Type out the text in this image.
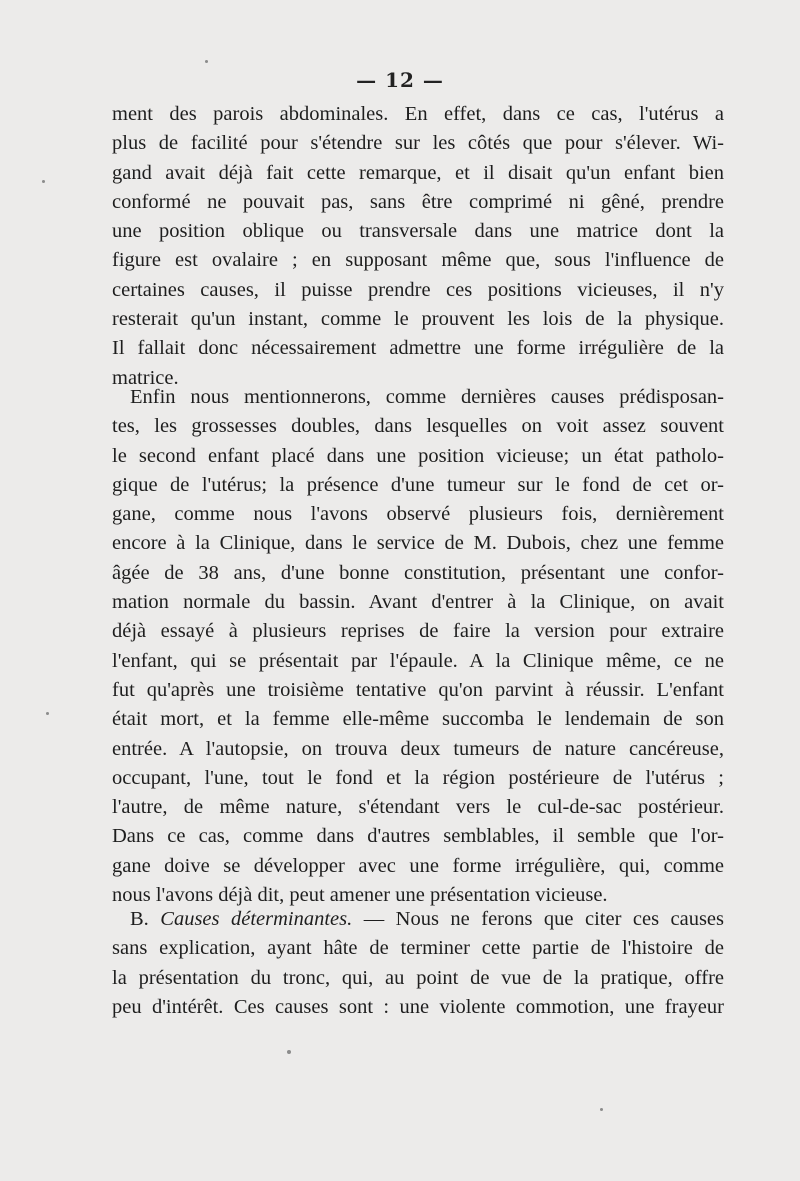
— 12 —
ment des parois abdominales. En effet, dans ce cas, l'utérus a
plus de facilité pour s'étendre sur les côtés que pour s'élever. Wi-
gand avait déjà fait cette remarque, et il disait qu'un enfant bien
conformé ne pouvait pas, sans être comprimé ni gêné, prendre
une position oblique ou transversale dans une matrice dont la
figure est ovalaire ; en supposant même que, sous l'influence de
certaines causes, il puisse prendre ces positions vicieuses, il n'y
resterait qu'un instant, comme le prouvent les lois de la physique.
Il fallait donc nécessairement admettre une forme irrégulière de la
matrice.
Enfin nous mentionnerons, comme dernières causes prédisposan-
tes, les grossesses doubles, dans lesquelles on voit assez souvent
le second enfant placé dans une position vicieuse; un état patholo-
gique de l'utérus; la présence d'une tumeur sur le fond de cet or-
gane, comme nous l'avons observé plusieurs fois, dernièrement
encore à la Clinique, dans le service de M. Dubois, chez une femme
âgée de 38 ans, d'une bonne constitution, présentant une confor-
mation normale du bassin. Avant d'entrer à la Clinique, on avait
déjà essayé à plusieurs reprises de faire la version pour extraire
l'enfant, qui se présentait par l'épaule. A la Clinique même, ce ne
fut qu'après une troisième tentative qu'on parvint à réussir. L'enfant
était mort, et la femme elle-même succomba le lendemain de son
entrée. A l'autopsie, on trouva deux tumeurs de nature cancéreuse,
occupant, l'une, tout le fond et la région postérieure de l'utérus ;
l'autre, de même nature, s'étendant vers le cul-de-sac postérieur.
Dans ce cas, comme dans d'autres semblables, il semble que l'or-
gane doive se développer avec une forme irrégulière, qui, comme
nous l'avons déjà dit, peut amener une présentation vicieuse.
B. Causes déterminantes. — Nous ne ferons que citer ces causes
sans explication, ayant hâte de terminer cette partie de l'histoire de
la présentation du tronc, qui, au point de vue de la pratique, offre
peu d'intérêt. Ces causes sont : une violente commotion, une frayeur
